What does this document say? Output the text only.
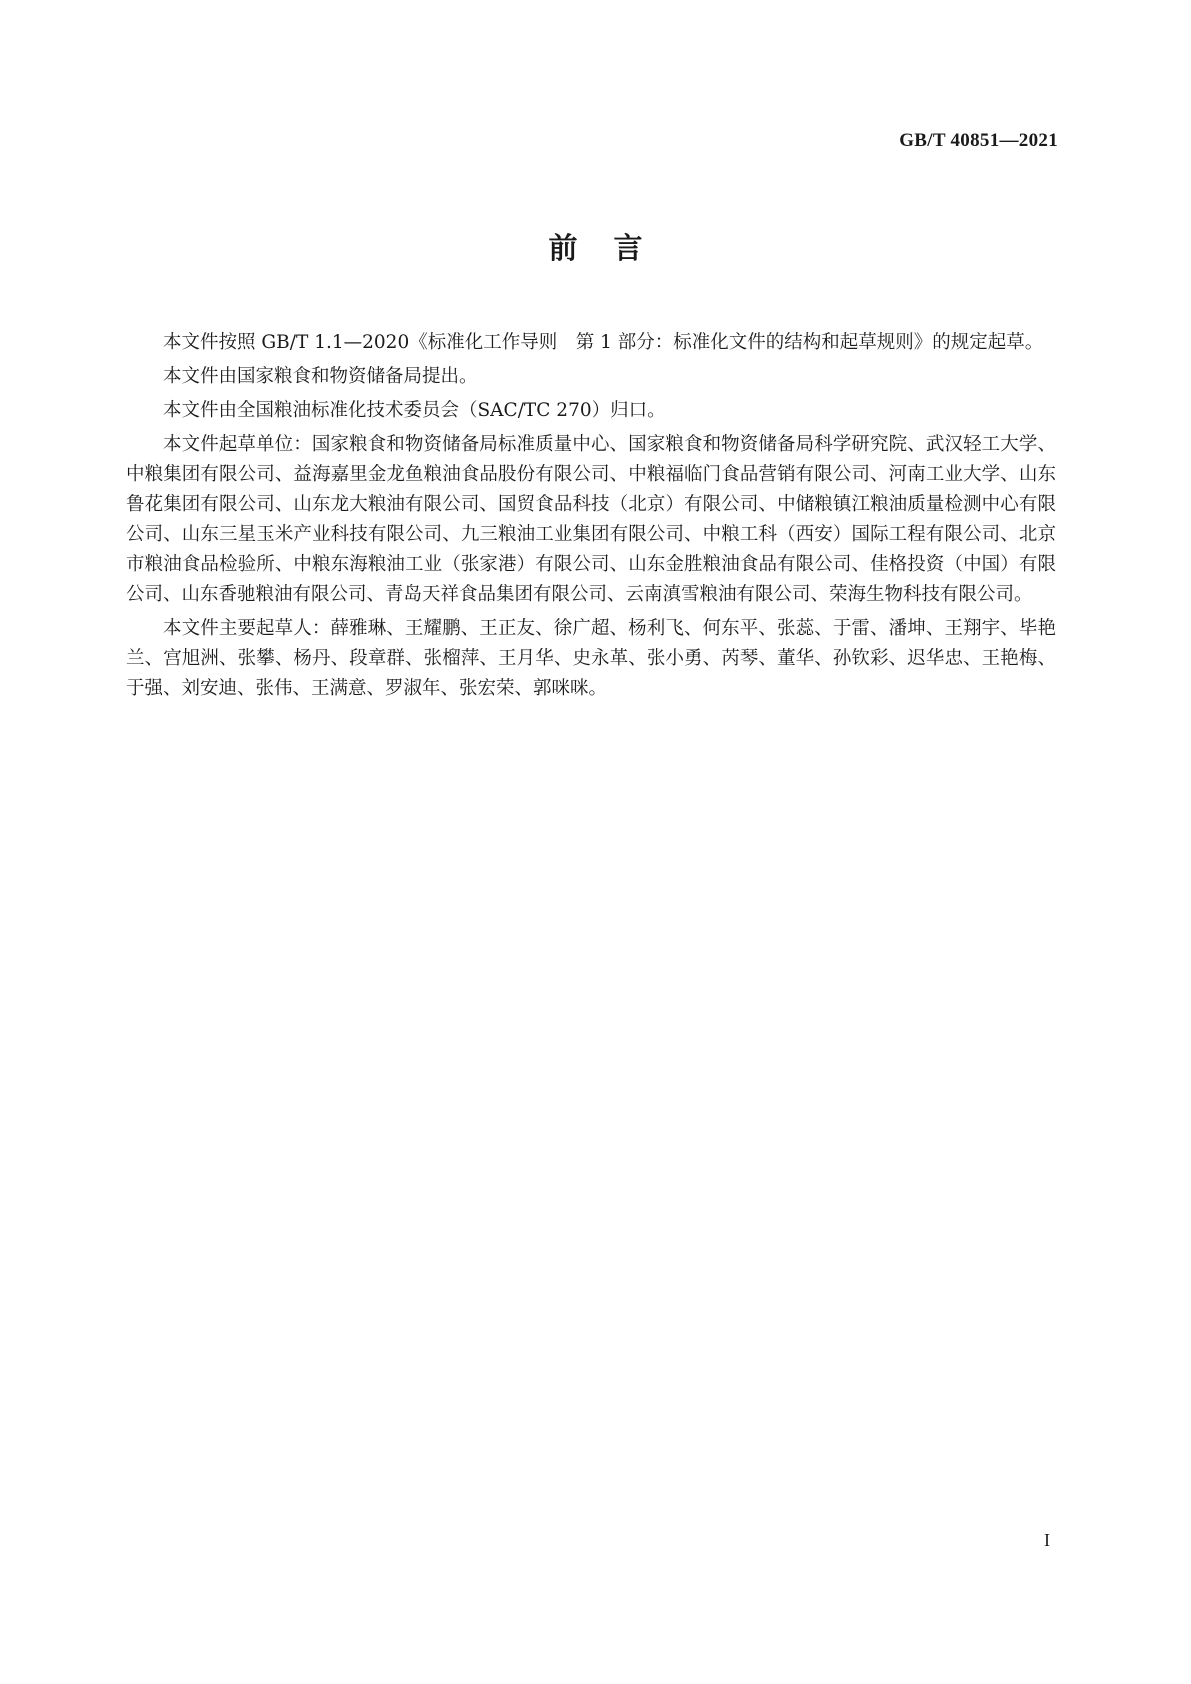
GB/T 40851—2021
前言

本文件按照 GB/T 1.1—2020《标准化工作导则　第 1 部分：标准化文件的结构和起草规则》的规定起草。

本文件由国家粮食和物资储备局提出。

本文件由全国粮油标准化技术委员会（SAC/TC 270）归口。

本文件起草单位：国家粮食和物资储备局标准质量中心、国家粮食和物资储备局科学研究院、武汉轻工大学、中粮集团有限公司、益海嘉里金龙鱼粮油食品股份有限公司、中粮福临门食品营销有限公司、河南工业大学、山东鲁花集团有限公司、山东龙大粮油有限公司、国贸食品科技（北京）有限公司、中储粮镇江粮油质量检测中心有限公司、山东三星玉米产业科技有限公司、九三粮油工业集团有限公司、中粮工科（西安）国际工程有限公司、北京市粮油食品检验所、中粮东海粮油工业（张家港）有限公司、山东金胜粮油食品有限公司、佳格投资（中国）有限公司、山东香驰粮油有限公司、青岛天祥食品集团有限公司、云南滇雪粮油有限公司、荣海生物科技有限公司。

本文件主要起草人：薛雅琳、王耀鹏、王正友、徐广超、杨利飞、何东平、张蕊、于雷、潘坤、王翔宇、毕艳兰、宫旭洲、张攀、杨丹、段章群、张榴萍、王月华、史永革、张小勇、芮琴、董华、孙钦彩、迟华忠、王艳梅、于强、刘安迪、张伟、王满意、罗淑年、张宏荣、郭咪咪。

I
